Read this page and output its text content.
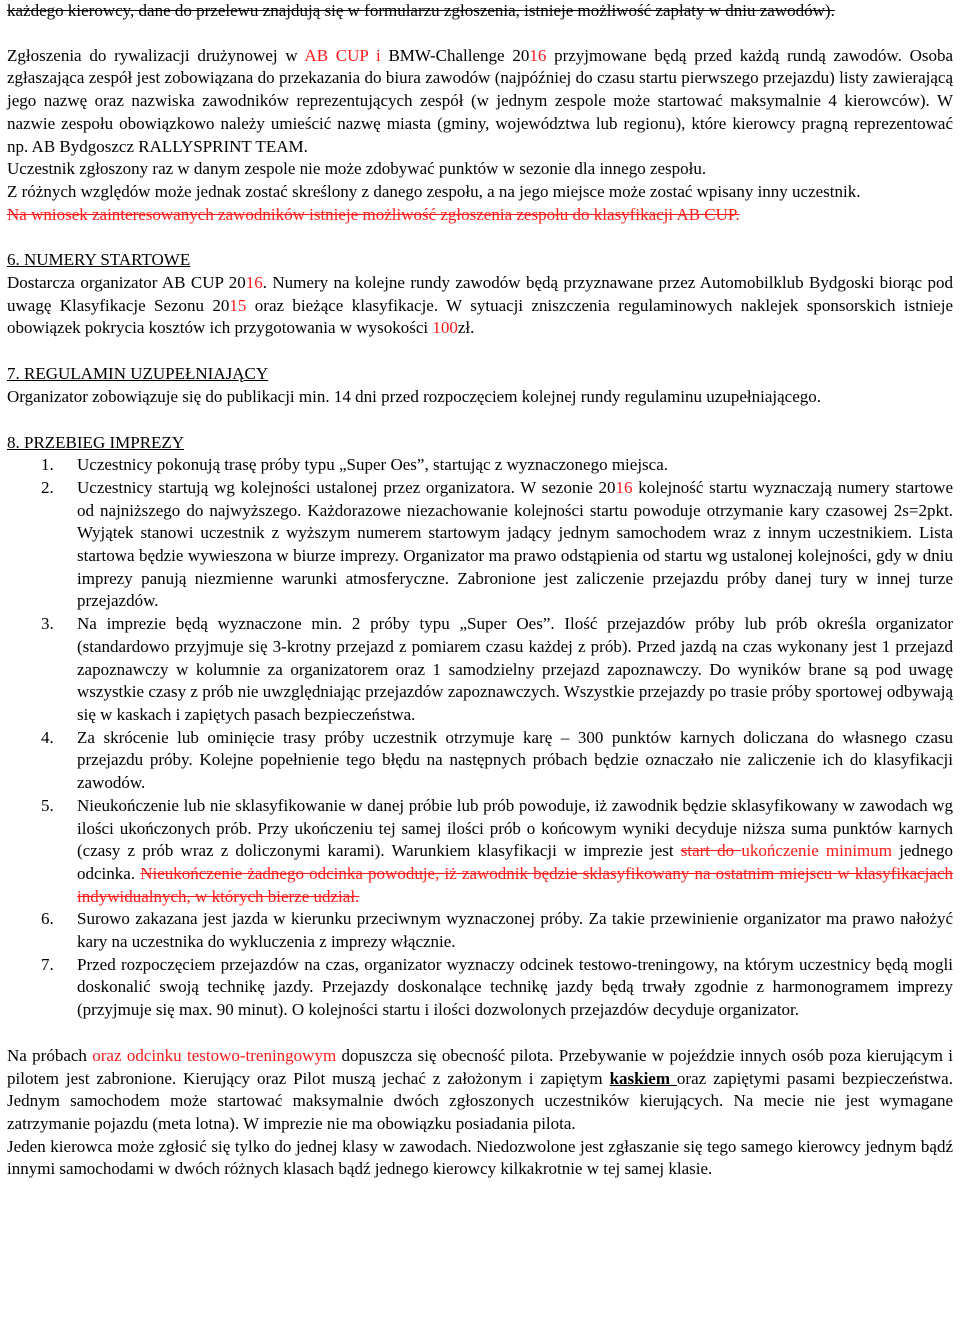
każdego kierowcy, dane do przelewu znajdują się w formularzu zgłoszenia, istnieje możliwość zapłaty w dniu zawodów).

Zgłoszenia do rywalizacji drużynowej w AB CUP i BMW-Challenge 2016 przyjmowane będą przed każdą rundą zawodów. Osoba zgłaszająca zespół jest zobowiązana do przekazania do biura zawodów (najpóźniej do czasu startu pierwszego przejazdu) listy zawierającą jego nazwę oraz nazwiska zawodników reprezentujących zespół (w jednym zespole może startować maksymalnie 4 kierowców). W nazwie zespołu obowiązkowo należy umieścić nazwę miasta (gminy, województwa lub regionu), które kierowcy pragną reprezentować np. AB Bydgoszcz RALLYSPRINT TEAM.

Uczestnik zgłoszony raz w danym zespole nie może zdobywać punktów w sezonie dla innego zespołu.

Z różnych względów może jednak zostać skreślony z danego zespołu, a na jego miejsce może zostać wpisany inny uczestnik.

Na wniosek zainteresowanych zawodników istnieje możliwość zgłoszenia zespołu do klasyfikacji AB CUP.

6. NUMERY STARTOWE

Dostarcza organizator AB CUP 2016. Numery na kolejne rundy zawodów będą przyznawane przez Automobilklub Bydgoski biorąc pod uwagę Klasyfikacje Sezonu 2015 oraz bieżące klasyfikacje. W sytuacji zniszczenia regulaminowych naklejek sponsorskich istnieje obowiązek pokrycia kosztów ich przygotowania w wysokości 100zł.

7. REGULAMIN UZUPEŁNIAJĄCY

Organizator zobowiązuje się do publikacji min. 14 dni przed rozpoczęciem kolejnej rundy regulaminu uzupełniającego.

8. PRZEBIEG IMPREZY

1. Uczestnicy pokonują trasę próby typu „Super Oes”, startując z wyznaczonego miejsca.
2. Uczestnicy startują wg kolejności ustalonej przez organizatora. W sezonie 2016 kolejność startu wyznaczają numery startowe od najniższego do najwyższego. Każdorazowe niezachowanie kolejności startu powoduje otrzymanie kary czasowej 2s=2pkt. Wyjątek stanowi uczestnik z wyższym numerem startowym jadący jednym samochodem wraz z innym uczestnikiem. Lista startowa będzie wywieszona w biurze imprezy. Organizator ma prawo odstąpienia od startu wg ustalonej kolejności, gdy w dniu imprezy panują niezmienne warunki atmosferyczne. Zabronione jest zaliczenie przejazdu próby danej tury w innej turze przejazdów.
3. Na imprezie będą wyznaczone min. 2 próby typu „Super Oes”. Ilość przejazdów próby lub prób określa organizator (standardowo przyjmuje się 3-krotny przejazd z pomiarem czasu każdej z prób). Przed jazdą na czas wykonany jest 1 przejazd zapoznawczy w kolumnie za organizatorem oraz 1 samodzielny przejazd zapoznawczy. Do wyników brane są pod uwagę wszystkie czasy z prób nie uwzględniając przejazdów zapoznawczych. Wszystkie przejazdy po trasie próby sportowej odbywają się w kaskach i zapiętych pasach bezpieczeństwa.
4. Za skrócenie lub ominięcie trasy próby uczestnik otrzymuje karę – 300 punktów karnych doliczana do własnego czasu przejazdu próby. Kolejne popełnienie tego błędu na następnych próbach będzie oznaczało nie zaliczenie ich do klasyfikacji zawodów.
5. Nieukończenie lub nie sklasyfikowanie w danej próbie lub prób powoduje, iż zawodnik będzie sklasyfikowany w zawodach wg ilości ukończonych prób. Przy ukończeniu tej samej ilości prób o końcowym wyniki decyduje niższa suma punktów karnych (czasy z prób wraz z doliczonymi karami). Warunkiem klasyfikacji w imprezie jest start do ukończenie minimum jednego odcinka. Nieukończenie żadnego odcinka powoduje, iż zawodnik będzie sklasyfikowany na ostatnim miejscu w klasyfikacjach indywidualnych, w których bierze udział.
6. Surowo zakazana jest jazda w kierunku przeciwnym wyznaczonej próby. Za takie przewinienie organizator ma prawo nałożyć kary na uczestnika do wykluczenia z imprezy włącznie.
7. Przed rozpoczęciem przejazdów na czas, organizator wyznaczy odcinek testowo-treningowy, na którym uczestnicy będą mogli doskonalić swoją technikę jazdy. Przejazdy doskonalące technikę jazdy będą trwały zgodnie z harmonogramem imprezy (przyjmuje się max. 90 minut). O kolejności startu i ilości dozwolonych przejazdów decyduje organizator.

Na próbach oraz odcinku testowo-treningowym dopuszcza się obecność pilota. Przebywanie w pojeździe innych osób poza kierującym i pilotem jest zabronione. Kierujący oraz Pilot muszą jechać z założonym i zapiętym kaskiem oraz zapiętymi pasami bezpieczeństwa. Jednym samochodem może startować maksymalnie dwóch zgłoszonych uczestników kierujących. Na mecie nie jest wymagane zatrzymanie pojazdu (meta lotna). W imprezie nie ma obowiązku posiadania pilota.

Jeden kierowca może zgłosić się tylko do jednej klasy w zawodach. Niedozwolone jest zgłaszanie się tego samego kierowcy jednym bądź innymi samochodami w dwóch różnych klasach bądź jednego kierowcy kilkakrotnie w tej samej klasie.
